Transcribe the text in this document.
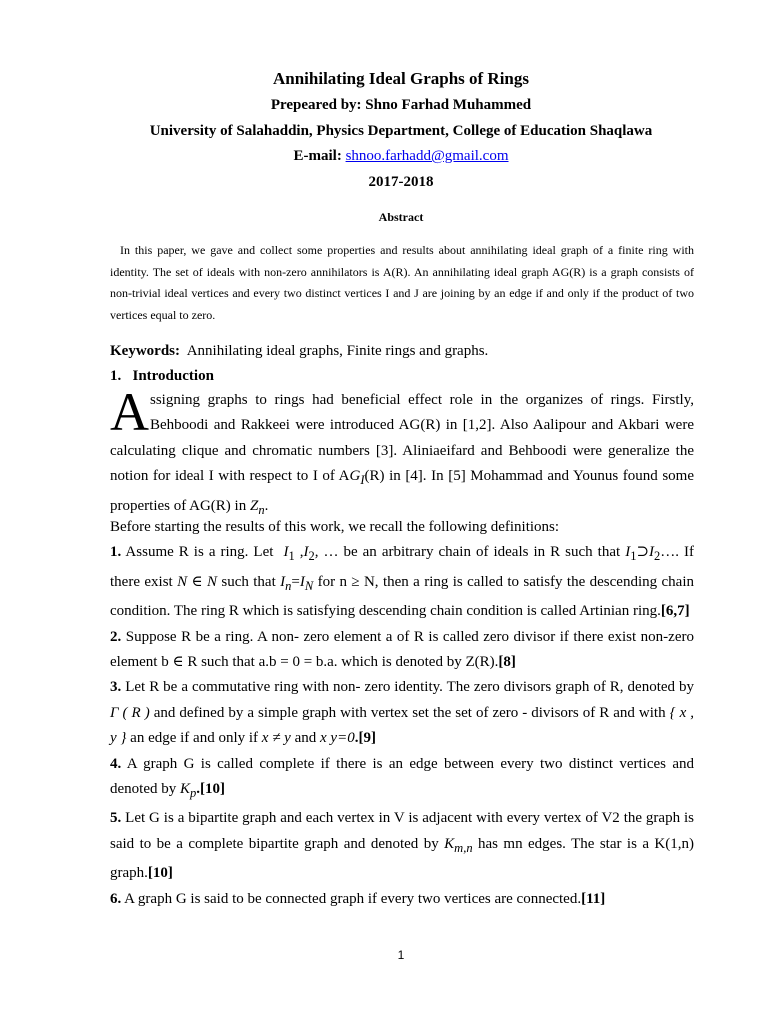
Annihilating Ideal Graphs of Rings
Prepeared by: Shno Farhad Muhammed
University of Salahaddin, Physics Department, College of Education Shaqlawa
E-mail: shnoo.farhadd@gmail.com
2017-2018
Abstract
In this paper, we gave and collect some properties and results about annihilating ideal graph of a finite ring with identity. The set of ideals with non-zero annihilators is A(R). An annihilating ideal graph AG(R) is a graph consists of non-trivial ideal vertices and every two distinct vertices I and J are joining by an edge if and only if the product of two vertices equal to zero.
Keywords: Annihilating ideal graphs, Finite rings and graphs.
1. Introduction
Assigning graphs to rings had beneficial effect role in the organizes of rings. Firstly, Behboodi and Rakkeei were introduced AG(R) in [1,2]. Also Aalipour and Akbari were calculating clique and chromatic numbers [3]. Aliniaeifard and Behboodi were generalize the notion for ideal I with respect to I of $AG_I(R)$ in [4]. In [5] Mohammad and Younus found some properties of AG(R) in $Z_n$.

Before starting the results of this work, we recall the following definitions:

1. Assume R is a ring. Let  $I_1$ $,I_2$, … be an arbitrary chain of ideals in R such that $I_1⊃I_2\dots$. If there exist N ∈ N such that $I_n=I_N$ for n ≥ N, then a ring is called to satisfy the descending chain condition. The ring R which is satisfying descending chain condition is called Artinian ring.[6,7]

2. Suppose R be a ring. A non- zero element a of R is called zero divisor if there exist non-zero element b ∈ R such that a.b = 0 = b.a. which is denoted by Z(R).[8]

3. Let R be a commutative ring with non- zero identity. The zero divisors graph of R, denoted by Γ ( R ) and defined by a simple graph with vertex set the set of zero - divisors of R and with { x , y } an edge if and only if x ≠ y and x y=0.[9]

4. A graph G is called complete if there is an edge between every two distinct vertices and denoted by $K_p.[10]$

5. Let G is a bipartite graph and each vertex in V is adjacent with every vertex of V2 the graph is said to be a complete bipartite graph and denoted by $K_{m,n}$ has mn edges. The star is a K(1,n) graph.[10]

6. A graph G is said to be connected graph if every two vertices are connected.[11]

1
